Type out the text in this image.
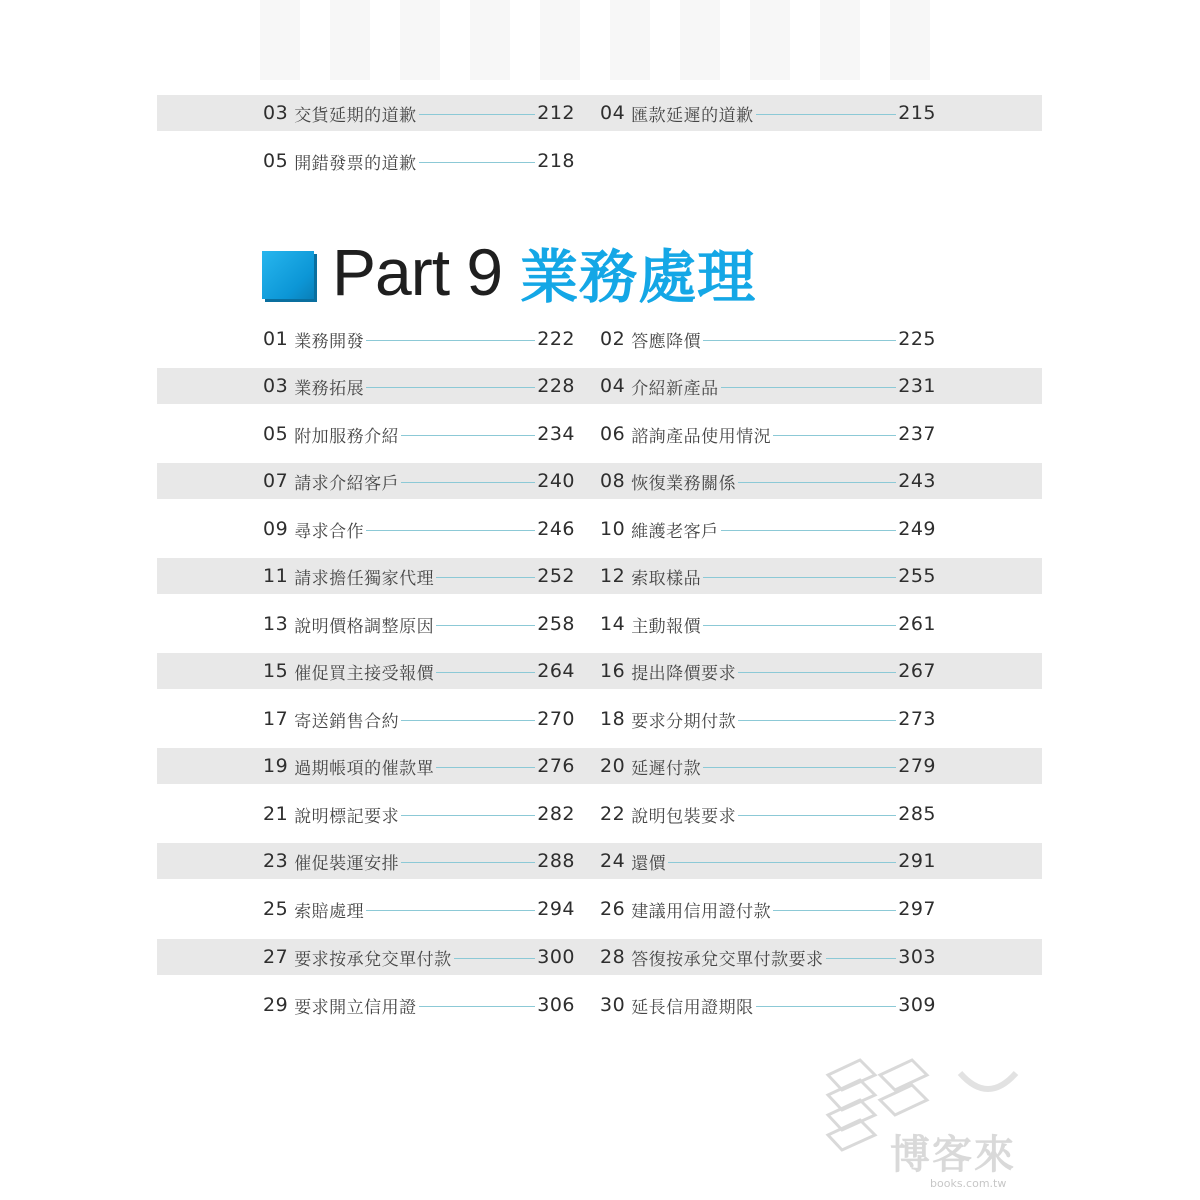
03 交貨延期的道歉	212 04 匯款延遲的道歉	215
05 開錯發票的道歉	218
Part 9 業務處理
01 業務開發	222 02 答應降價	225
03 業務拓展	228 04 介紹新產品	231
05 附加服務介紹	234 06 諮詢產品使用情況	237
07 請求介紹客戶	240 08 恢復業務關係	243
09 尋求合作	246 10 維護老客戶	249
11 請求擔任獨家代理	252 12 索取樣品	255
13 說明價格調整原因	258 14 主動報價	261
15 催促買主接受報價	264 16 提出降價要求	267
17 寄送銷售合約	270 18 要求分期付款	273
19 過期帳項的催款單	276 20 延遲付款	279
21 說明標記要求	282 22 說明包裝要求	285
23 催促裝運安排	288 24 還價	291
25 索賠處理	294 26 建議用信用證付款	297
27 要求按承兌交單付款	300 28 答復按承兌交單付款要求	303
29 要求開立信用證	306 30 延長信用證期限	309
博客來
books.com.tw
